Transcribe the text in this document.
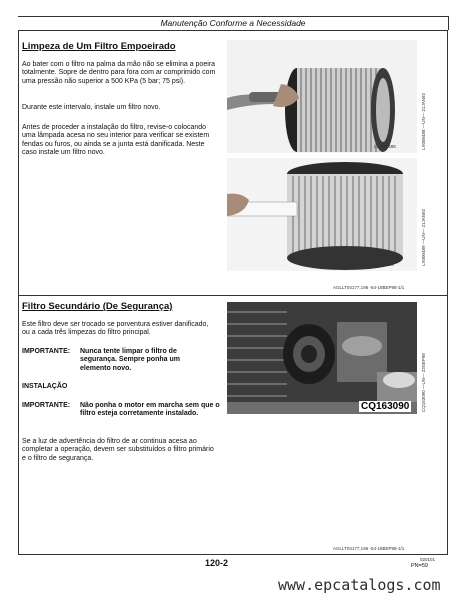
Manutenção Conforme a Necessidade
Limpeza de Um Filtro Empoeirado
Ao bater com o filtro na palma da mão não se elimina a poeira totalmente. Sopre de dentro para fora com ar comprimido com uma pressão não superior a 500 KPa (5 bar; 75 psi).
Durante este intervalo, instale um filtro novo.
Antes de proceder a instalação do filtro, revise-o colocando uma lâmpada acesa no seu interior para verificar se existem fendas ou furos, ou ainda se a junta está danificada. Neste caso instale um filtro novo.
LX 000488	LX000488 —UN— 21JAN92
LX 000489	LX000489 —UN— 21JAN92
AGLLT04177,196 -54-18BEP98-1/1
Filtro Secundário (De Segurança)
Este filtro deve ser trocado se porventura estiver danificado, ou a cada três limpezas do filtro principal.
IMPORTANTE: Nunca tente limpar o filtro de segurança. Sempre ponha um elemento novo.
INSTALAÇÃO
IMPORTANTE: Não ponha o motor em marcha sem que o filtro esteja corretamente instalado.
Se a luz de advertência do filtro de ar continua acesa ao completar a operação, devem ser substituídos o filtro primário e o filtro de segurança.
CQ163090	CQ163090 —UN— 23SEP98
AGLLT04177,196 -54-18BEP98-1/1
120-2	020101
PN=59
www.epcatalogs.com
